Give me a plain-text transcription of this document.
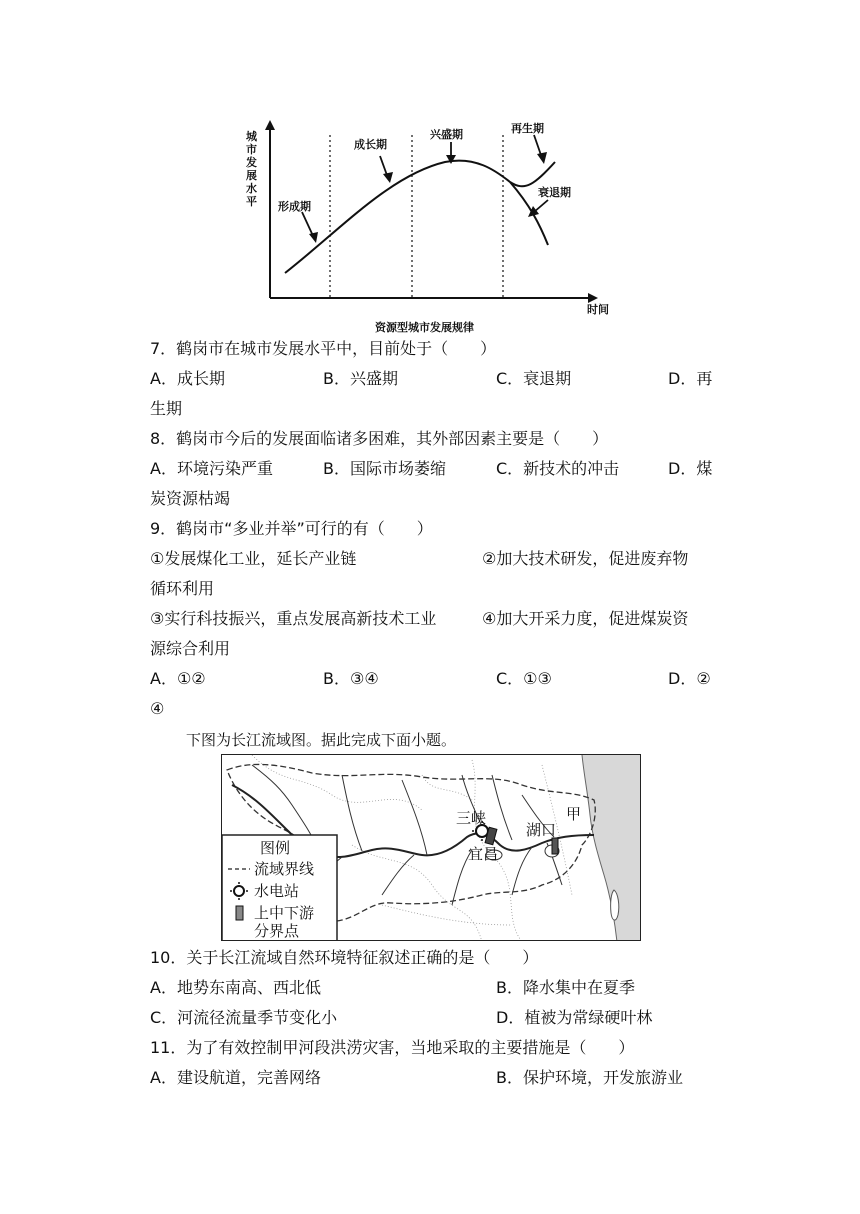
形成期
成长期
兴盛期	再生期
衰退期
时间
资源型城市发展规律
城市发展水平
7．鹤岗市在城市发展水平中，目前处于（　　）
A．成长期	B．兴盛期	C．衰退期	D．再
生期
8．鹤岗市今后的发展面临诸多困难，其外部因素主要是（　　）
A．环境污染严重	B．国际市场萎缩	C．新技术的冲击	D．煤
炭资源枯竭
9．鹤岗市“多业并举”可行的有（　　）
①发展煤化工业，延长产业链	②加大技术研发，促进废弃物
循环利用
③实行科技振兴，重点发展高新技术工业	④加大开采力度，促进煤炭资
源综合利用
A．①②	B．③④	C．①③	D．②
④
下图为长江流域图。据此完成下面小题。
三峡
宜昌
湖口
甲
图例
流域界线
水电站
上中下游
分界点
10．关于长江流域自然环境特征叙述正确的是（　　）
A．地势东南高、西北低	B．降水集中在夏季
C．河流径流量季节变化小	D．植被为常绿硬叶林
11．为了有效控制甲河段洪涝灾害，当地采取的主要措施是（　　）
A．建设航道，完善网络	B．保护环境，开发旅游业
